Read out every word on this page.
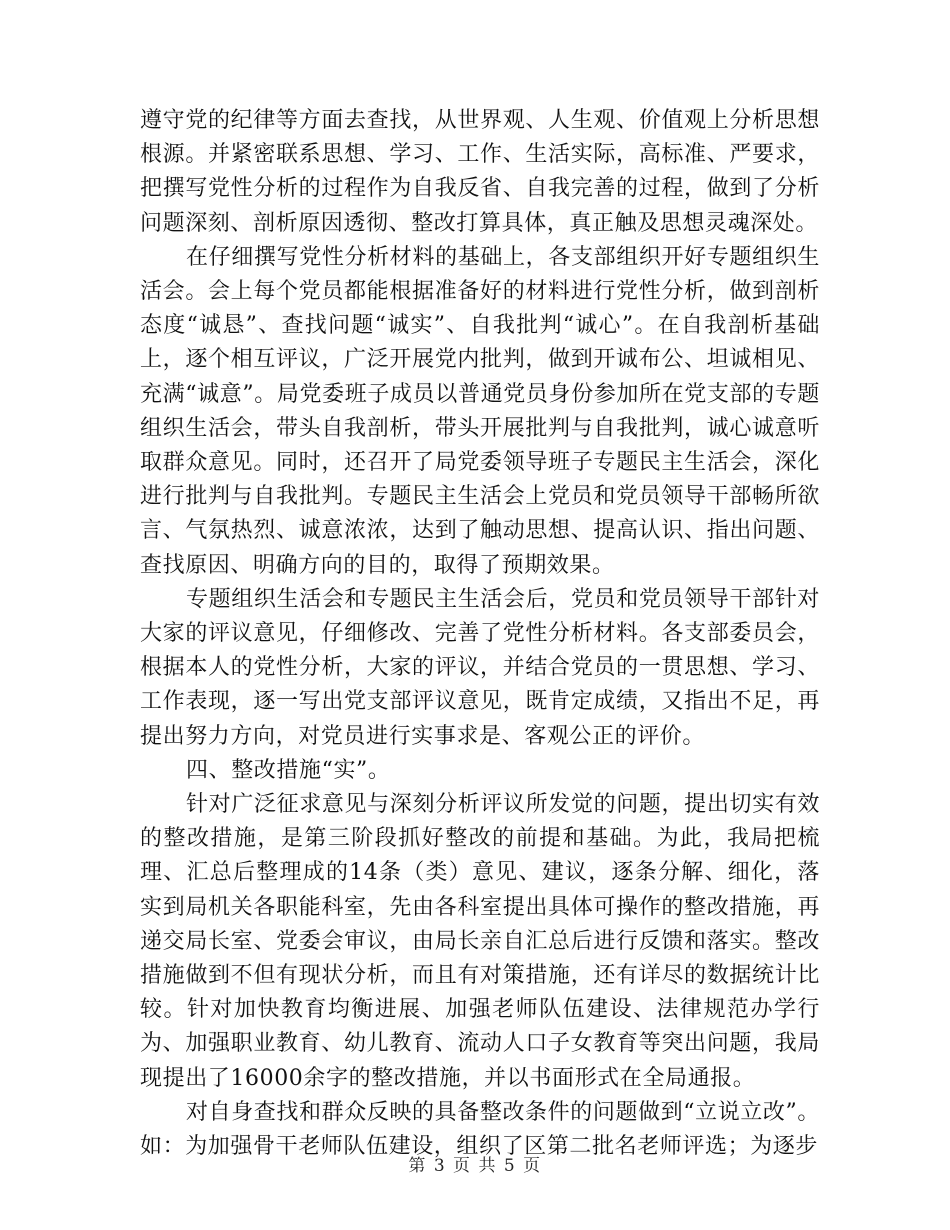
遵守党的纪律等方面去查找，从世界观、人生观、价值观上分析思想根源。并紧密联系思想、学习、工作、生活实际，高标准、严要求，把撰写党性分析的过程作为自我反省、自我完善的过程，做到了分析问题深刻、剖析原因透彻、整改打算具体，真正触及思想灵魂深处。

在仔细撰写党性分析材料的基础上，各支部组织开好专题组织生活会。会上每个党员都能根据准备好的材料进行党性分析，做到剖析态度“诚恳”、查找问题“诚实”、自我批判“诚心”。在自我剖析基础上，逐个相互评议，广泛开展党内批判，做到开诚布公、坦诚相见、充满“诚意”。局党委班子成员以普通党员身份参加所在党支部的专题组织生活会，带头自我剖析，带头开展批判与自我批判，诚心诚意听取群众意见。同时，还召开了局党委领导班子专题民主生活会，深化进行批判与自我批判。专题民主生活会上党员和党员领导干部畅所欲言、气氛热烈、诚意浓浓，达到了触动思想、提高认识、指出问题、查找原因、明确方向的目的，取得了预期效果。

专题组织生活会和专题民主生活会后，党员和党员领导干部针对大家的评议意见，仔细修改、完善了党性分析材料。各支部委员会，根据本人的党性分析，大家的评议，并结合党员的一贯思想、学习、工作表现，逐一写出党支部评议意见，既肯定成绩，又指出不足，再提出努力方向，对党员进行实事求是、客观公正的评价。

四、整改措施“实”。

针对广泛征求意见与深刻分析评议所发觉的问题，提出切实有效的整改措施，是第三阶段抓好整改的前提和基础。为此，我局把梳理、汇总后整理成的14条（类）意见、建议，逐条分解、细化，落实到局机关各职能科室，先由各科室提出具体可操作的整改措施，再递交局长室、党委会审议，由局长亲自汇总后进行反馈和落实。整改措施做到不但有现状分析，而且有对策措施，还有详尽的数据统计比较。针对加快教育均衡进展、加强老师队伍建设、法律规范办学行为、加强职业教育、幼儿教育、流动人口子女教育等突出问题，我局现提出了16000余字的整改措施，并以书面形式在全局通报。

对自身查找和群众反映的具备整改条件的问题做到“立说立改”。如：为加强骨干老师队伍建设，组织了区第二批名老师评选；为逐步

第 3 页 共 5 页
